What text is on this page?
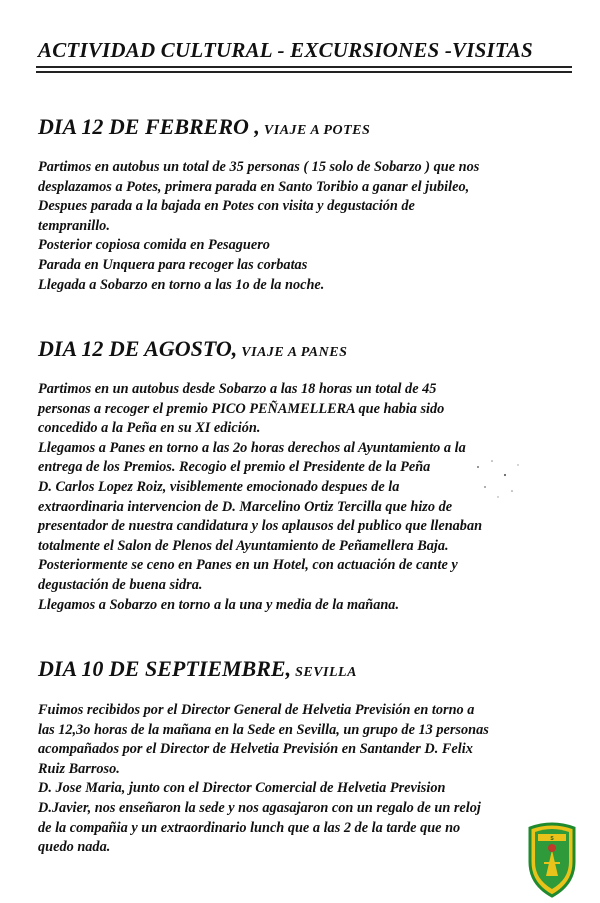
ACTIVIDAD CULTURAL - EXCURSIONES -VISITAS
DIA 12 DE FEBRERO , VIAJE A POTES

Partimos en autobus un total de 35 personas ( 15 solo de Sobarzo ) que nos

desplazamos a Potes, primera parada en Santo Toribio a ganar el jubileo,

Despues parada a la bajada en Potes con visita y degustación de

tempranillo.

Posterior copiosa comida en Pesaguero

Parada en Unquera para recoger las corbatas

Llegada a Sobarzo en torno a las 1o de la noche.

DIA 12 DE AGOSTO, VIAJE A PANES

Partimos en un autobus desde Sobarzo a las 18 horas un total de 45

personas a recoger el premio PICO PEÑAMELLERA que habia sido

concedido a la Peña en su XI edición.

Llegamos a Panes en torno a las 2o horas derechos al Ayuntamiento a la

entrega de los Premios. Recogio el premio el Presidente de la Peña

D. Carlos Lopez Roiz, visiblemente emocionado despues de la

extraordinaria intervencion de D. Marcelino Ortiz Tercilla que hizo de

presentador de nuestra candidatura y los aplausos del publico que llenaban

totalmente el Salon de Plenos del Ayuntamiento de Peñamellera Baja.

Posteriormente se ceno en Panes en un Hotel, con actuación de cante y

degustación de buena sidra.

Llegamos a Sobarzo en torno a la una y media de la mañana.

DIA 10 DE SEPTIEMBRE, SEVILLA

Fuimos recibidos por el Director General de Helvetia Previsión en torno a

las 12,3o horas de la mañana en la Sede en Sevilla, un grupo de 13 personas

acompañados por el Director de Helvetia Previsión en Santander D. Felix

Ruiz Barroso.

D. Jose Maria, junto con el Director Comercial de Helvetia Prevision

D.Javier, nos enseñaron la sede y nos agasajaron con un regalo de un reloj

de la compañia y un extraordinario lunch que a las 2 de la tarde que no

quedo nada.

S
